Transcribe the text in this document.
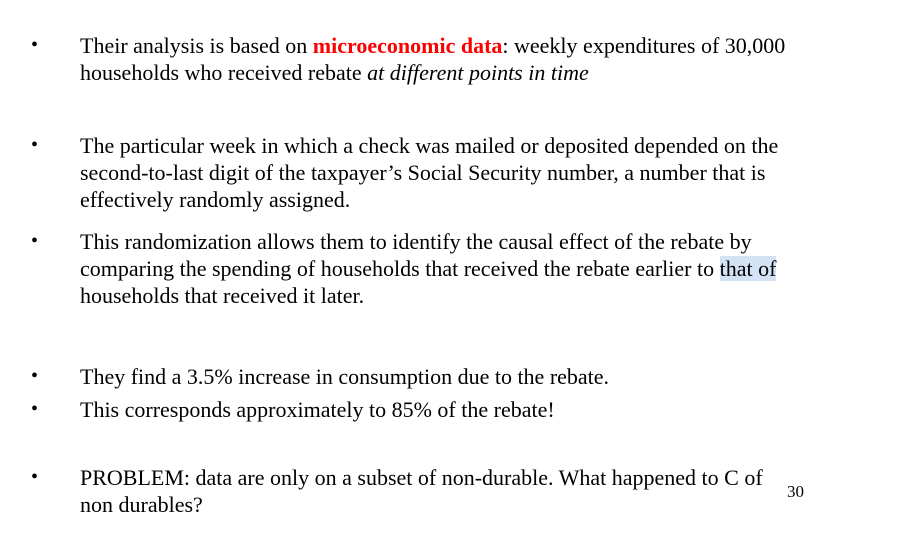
• Their analysis is based on microeconomic data: weekly expenditures of 30,000
households who received rebate at different points in time
• The particular week in which a check was mailed or deposited depended on the
second-to-last digit of the taxpayer’s Social Security number, a number that is
effectively randomly assigned.
• This randomization allows them to identify the causal effect of the rebate by
comparing the spending of households that received the rebate earlier to that of
households that received it later.
• They find a 3.5% increase in consumption due to the rebate.
• This corresponds approximately to 85% of the rebate!
• PROBLEM: data are only on a subset of non-durable. What happened to C of
non durables?
30
